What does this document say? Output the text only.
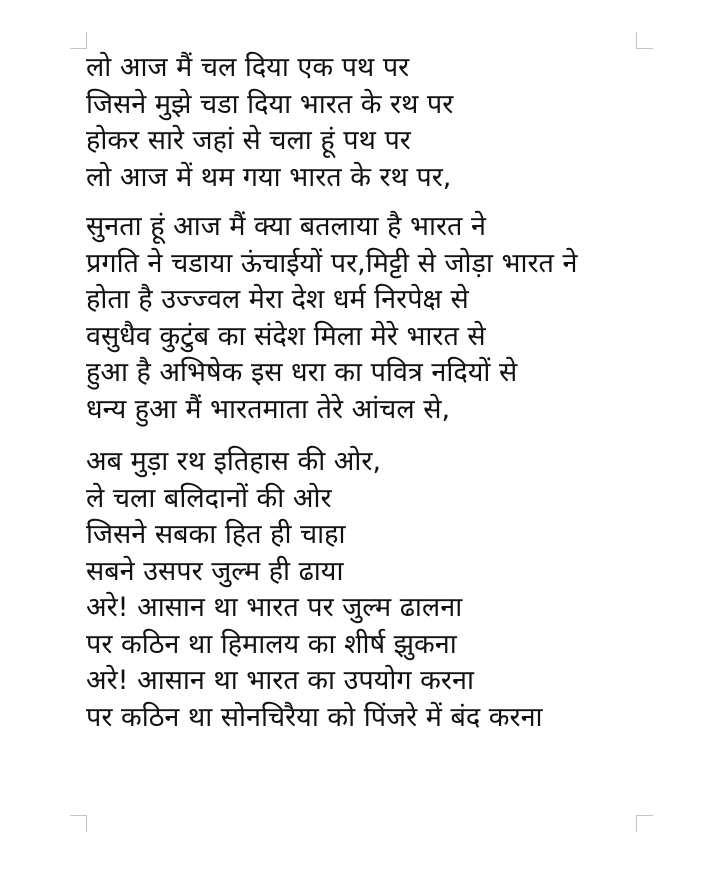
लो आज मैं चल दिया एक पथ पर
जिसने मुझे चडा दिया भारत के रथ पर
होकर सारे जहां से चला हूं पथ पर
लो आज में थम गया भारत के रथ पर,
सुनता हूं आज मैं क्या बतलाया है भारत ने
प्रगति ने चडाया ऊंचाईयों पर,मिट्टी से जोड़ा भारत ने
होता है उज्ज्वल मेरा देश धर्म निरपेक्ष से
वसुधैव कुटुंब का संदेश मिला मेरे भारत से
हुआ है अभिषेक इस धरा का पवित्र नदियों से
धन्य हुआ मैं भारतमाता तेरे आंचल से,
अब मुड़ा रथ इतिहास की ओर,
ले चला बलिदानों की ओर
जिसने सबका हित ही चाहा
सबने उसपर जुल्म ही ढाया
अरे! आसान था भारत पर जुल्म ढालना
पर कठिन था हिमालय का शीर्ष झुकना
अरे! आसान था भारत का उपयोग करना
पर कठिन था सोनचिरैया को पिंजरे में बंद करना
